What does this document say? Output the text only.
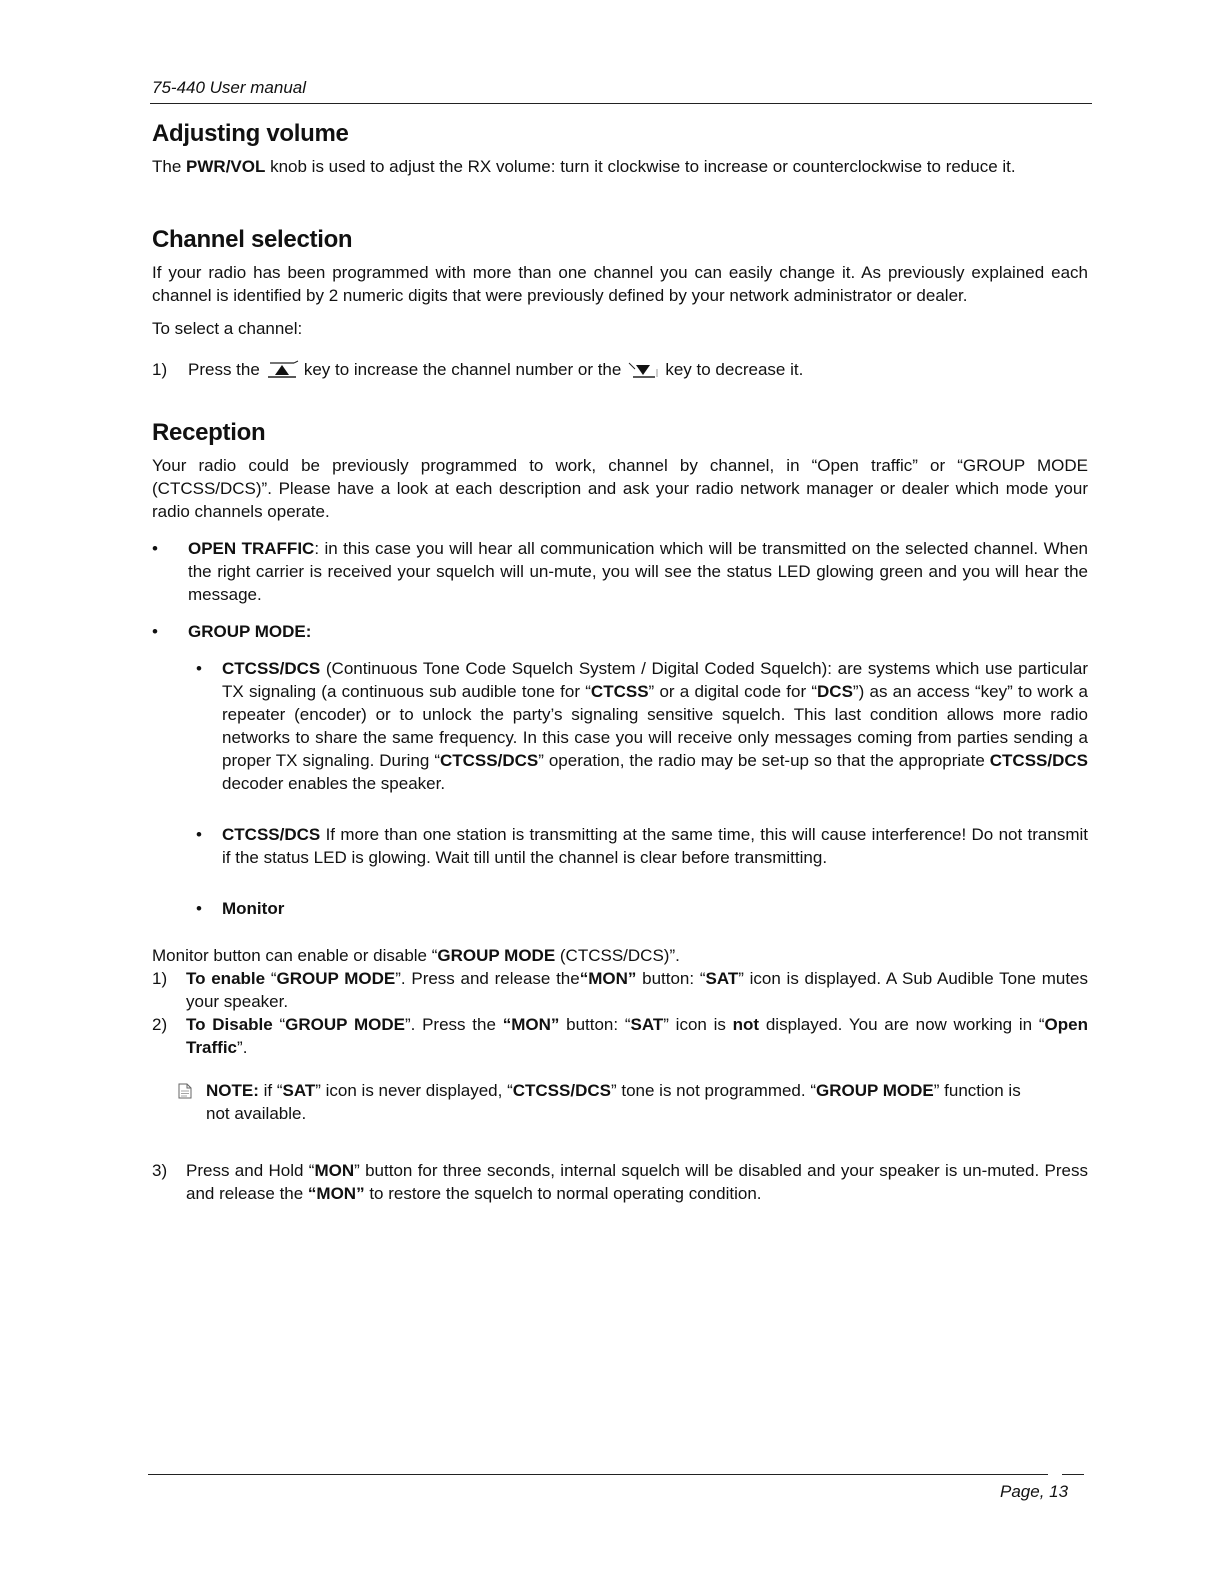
75-440 User manual
Adjusting volume

The PWR/VOL knob is used to adjust the RX volume: turn it clockwise to increase or counterclockwise to reduce it.

Channel selection

If your radio has been programmed with more than one channel you can easily change it. As previously explained each channel is identified by 2 numeric digits that were previously defined by your network administrator or dealer.

To select a channel:

1)	Press the	key to increase the channel number or the	key to decrease it.
Reception

Your radio could be previously programmed to work, channel by channel, in “Open traffic” or “GROUP MODE (CTCSS/DCS)”. Please have a look at each description and ask your radio network manager or dealer which mode your radio channels operate.

•	OPEN TRAFFIC: in this case you will hear all communication which will be transmitted on the selected channel. When the right carrier is received your squelch will un-mute, you will see the status LED glowing green and you will hear the message.
•	GROUP MODE:
• CTCSS/DCS (Continuous Tone Code Squelch System / Digital Coded Squelch): are systems which use particular TX signaling (a continuous sub audible tone for “CTCSS” or a digital code for “DCS”) as an access “key” to work a repeater (encoder) or to unlock the party’s signaling sensitive squelch. This last condition allows more radio networks to share the same frequency. In this case you will receive only messages coming from parties sending a proper TX signaling. During “CTCSS/DCS” operation, the radio may be set-up so that the appropriate CTCSS/DCS decoder enables the speaker.
• CTCSS/DCS If more than one station is transmitting at the same time, this will cause interference! Do not transmit if the status LED is glowing. Wait till until the channel is clear before transmitting.
• Monitor

Monitor button can enable or disable “GROUP MODE (CTCSS/DCS)”.

1) To enable “GROUP MODE”. Press and release the“MON” button: “SAT” icon is displayed. A Sub Audible Tone mutes your speaker.
2) To Disable “GROUP MODE”. Press the “MON” button: “SAT” icon is not displayed. You are now working in “Open Traffic”.
NOTE: if “SAT” icon is never displayed, “CTCSS/DCS” tone is not programmed. “GROUP MODE” function is not available.
3) Press and Hold “MON” button for three seconds, internal squelch will be disabled and your speaker is un-muted. Press and release the “MON” to restore the squelch to normal operating condition.
Page, 13
